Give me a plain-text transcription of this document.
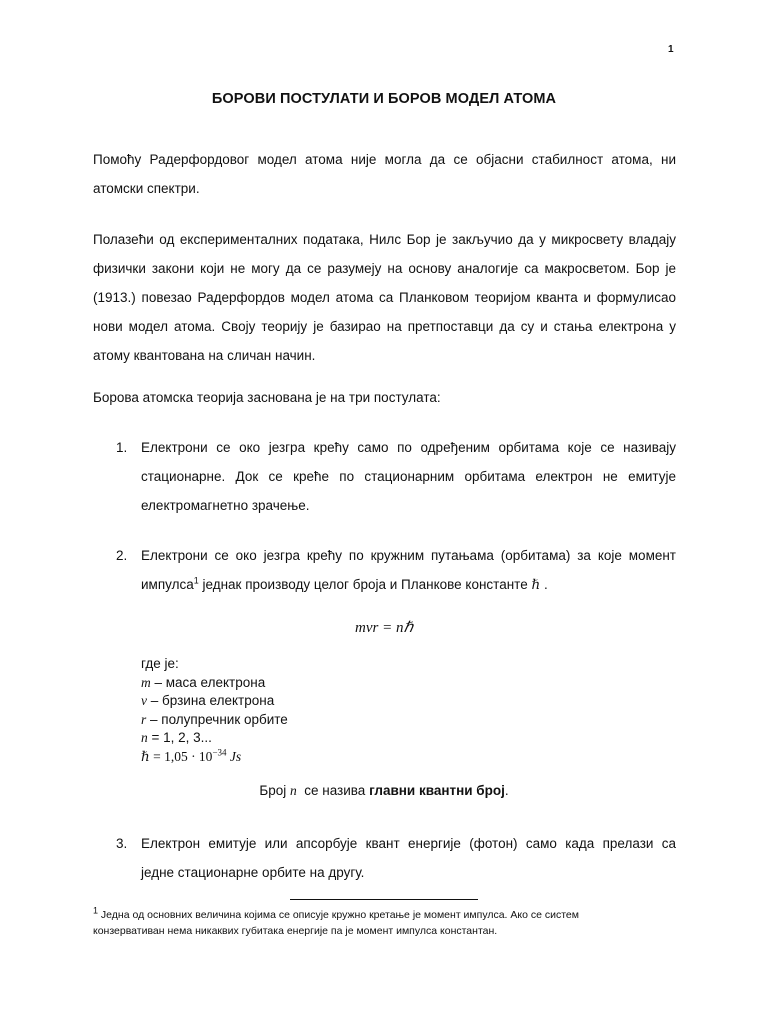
1
БОРОВИ ПОСТУЛАТИ И БОРОВ МОДЕЛ АТОМА
Помоћу Радерфордовог модел атома није могла да се објасни стабилност атома, ни
атомски спектри.
Полазећи од експерименталних података, Нилс Бор је закључио да у микросвету владају
физички закони који не могу да се разумеју на основу аналогије са макросветом. Бор је
(1913.) повезао Радерфордов модел атома са Планковом теоријом кванта и формулисао
нови модел атома. Своју теорију је базирао на претпоставци да су и стања електрона у
атому квантована на сличан начин.
Борова атомска теорија заснована је на три постулата:
1. Електрони се око језгра крећу само по одређеним орбитама које се називају
стационарне. Док се креће по стационарним орбитама електрон не емитује
електромагнетно зрачење.
2. Електрони се око језгра крећу по кружним путањама (орбитама) за које момент
импулса$^1$ једнак производу целог броја и Планкове константе ℏ .
mvr = nℏ
где је:
m – маса електрона
v – брзина електрона
r – полупречник орбите
n = 1, 2, 3...
ℏ = $1,05 \cdot 10^{-34}$ Js
Број n  се назива главни квантни број.
3. Електрон емитује или апсорбује квант енергије (фотон) само када прелази са
једне стационарне орбите на другу.
$^1$ Једна од основних величина којима се описује кружно кретање је момент импулса. Ако се систем
конзервативан нема никаквих губитака енергије па је момент импулса константан.
